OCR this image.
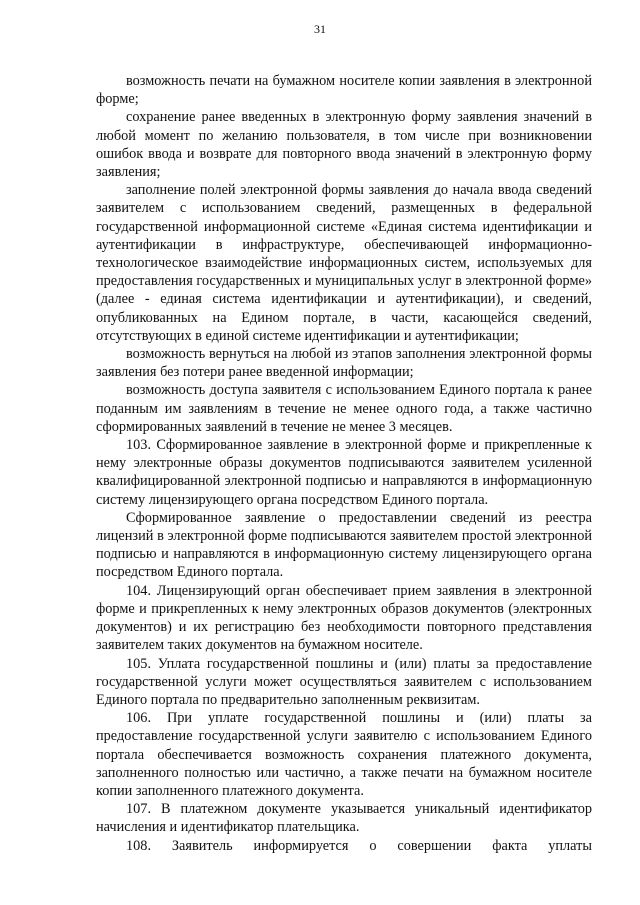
31

возможность печати на бумажном носителе копии заявления в электронной форме;

сохранение ранее введенных в электронную форму заявления значений в любой момент по желанию пользователя, в том числе при возникновении ошибок ввода и возврате для повторного ввода значений в электронную форму заявления;

заполнение полей электронной формы заявления до начала ввода сведений заявителем с использованием сведений, размещенных в федеральной государственной информационной системе «Единая система идентификации и аутентификации в инфраструктуре, обеспечивающей информационно-технологическое взаимодействие информационных систем, используемых для предоставления государственных и муниципальных услуг в электронной форме» (далее - единая система идентификации и аутентификации), и сведений, опубликованных на Едином портале, в части, касающейся сведений, отсутствующих в единой системе идентификации и аутентификации;

возможность вернуться на любой из этапов заполнения электронной формы заявления без потери ранее введенной информации;

возможность доступа заявителя с использованием Единого портала к ранее поданным им заявлениям в течение не менее одного года, а также частично сформированных заявлений в течение не менее 3 месяцев.

103. Сформированное заявление в электронной форме и прикрепленные к нему электронные образы документов подписываются заявителем усиленной квалифицированной электронной подписью и направляются в информационную систему лицензирующего органа посредством Единого портала.

Сформированное заявление о предоставлении сведений из реестра лицензий в электронной форме подписываются заявителем простой электронной подписью и направляются в информационную систему лицензирующего органа посредством Единого портала.

104. Лицензирующий орган обеспечивает прием заявления в электронной форме и прикрепленных к нему электронных образов документов (электронных документов) и их регистрацию без необходимости повторного представления заявителем таких документов на бумажном носителе.

105. Уплата государственной пошлины и (или) платы за предоставление государственной услуги может осуществляться заявителем с использованием Единого портала по предварительно заполненным реквизитам.

106. При уплате государственной пошлины и (или) платы за предоставление государственной услуги заявителю с использованием Единого портала обеспечивается возможность сохранения платежного документа, заполненного полностью или частично, а также печати на бумажном носителе копии заполненного платежного документа.

107. В платежном документе указывается уникальный идентификатор начисления и идентификатор плательщика.

108. Заявитель информируется о совершении факта уплаты
